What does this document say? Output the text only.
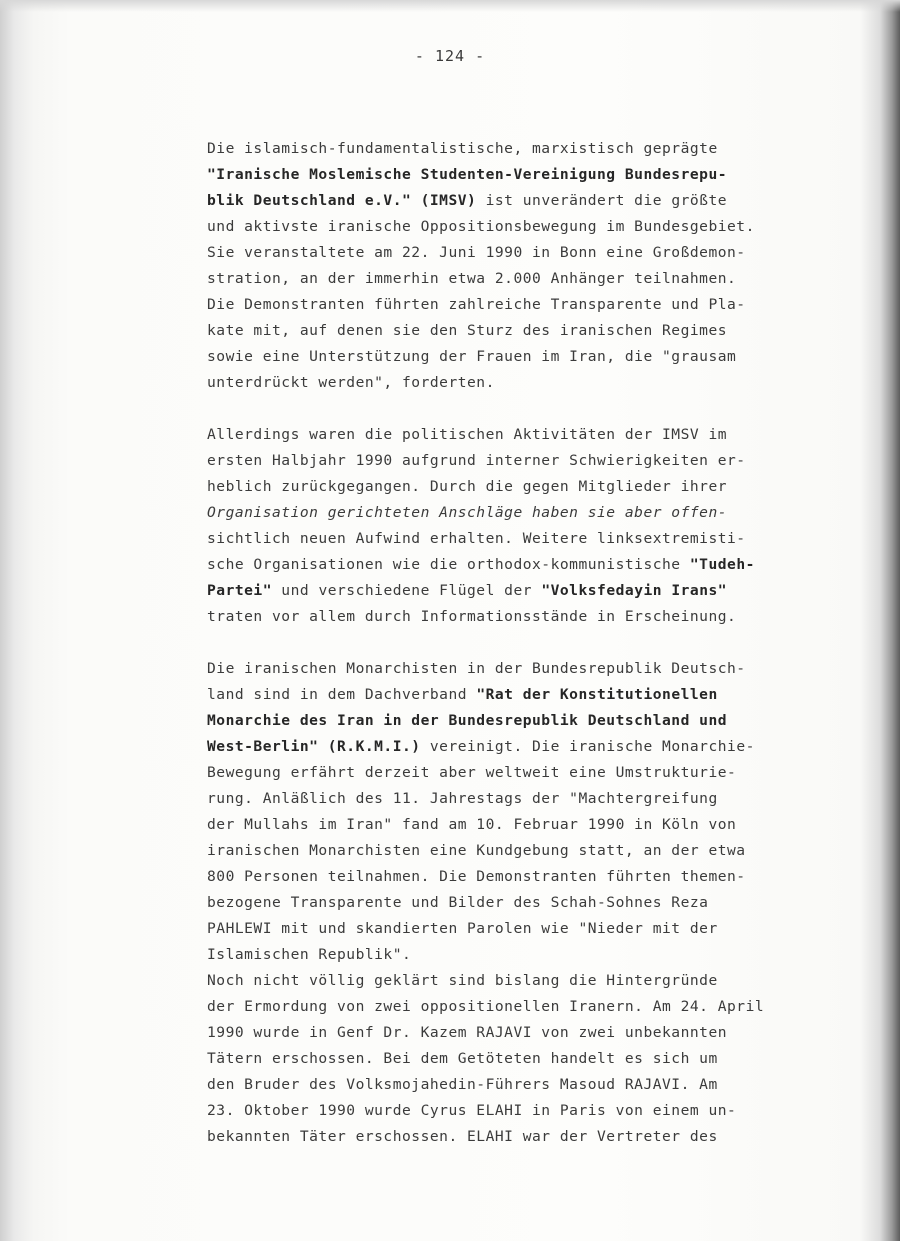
- 124 -
Die islamisch-fundamentalistische, marxistisch geprägte
"Iranische Moslemische Studenten-Vereinigung Bundesrepu-
blik Deutschland e.V." (IMSV) ist unverändert die größte
und aktivste iranische Oppositionsbewegung im Bundesgebiet.
Sie veranstaltete am 22. Juni 1990 in Bonn eine Großdemon-
stration, an der immerhin etwa 2.000 Anhänger teilnahmen.
Die Demonstranten führten zahlreiche Transparente und Pla-
kate mit, auf denen sie den Sturz des iranischen Regimes
sowie eine Unterstützung der Frauen im Iran, die "grausam
unterdrückt werden", forderten.
Allerdings waren die politischen Aktivitäten der IMSV im
ersten Halbjahr 1990 aufgrund interner Schwierigkeiten er-
heblich zurückgegangen. Durch die gegen Mitglieder ihrer
Organisation gerichteten Anschläge haben sie aber offen-
sichtlich neuen Aufwind erhalten. Weitere linksextremisti-
sche Organisationen wie die orthodox-kommunistische "Tudeh-
Partei" und verschiedene Flügel der "Volksfedayin Irans"
traten vor allem durch Informationsstände in Erscheinung.
Die iranischen Monarchisten in der Bundesrepublik Deutsch-
land sind in dem Dachverband "Rat der Konstitutionellen
Monarchie des Iran in der Bundesrepublik Deutschland und
West-Berlin" (R.K.M.I.) vereinigt. Die iranische Monarchie-
Bewegung erfährt derzeit aber weltweit eine Umstrukturie-
rung. Anläßlich des 11. Jahrestags der "Machtergreifung
der Mullahs im Iran" fand am 10. Februar 1990 in Köln von
iranischen Monarchisten eine Kundgebung statt, an der etwa
800 Personen teilnahmen. Die Demonstranten führten themen-
bezogene Transparente und Bilder des Schah-Sohnes Reza
PAHLEWI mit und skandierten Parolen wie "Nieder mit der
Islamischen Republik".
Noch nicht völlig geklärt sind bislang die Hintergründe
der Ermordung von zwei oppositionellen Iranern. Am 24. April
1990 wurde in Genf Dr. Kazem RAJAVI von zwei unbekannten
Tätern erschossen. Bei dem Getöteten handelt es sich um
den Bruder des Volksmojahedin-Führers Masoud RAJAVI. Am
23. Oktober 1990 wurde Cyrus ELAHI in Paris von einem un-
bekannten Täter erschossen. ELAHI war der Vertreter des
